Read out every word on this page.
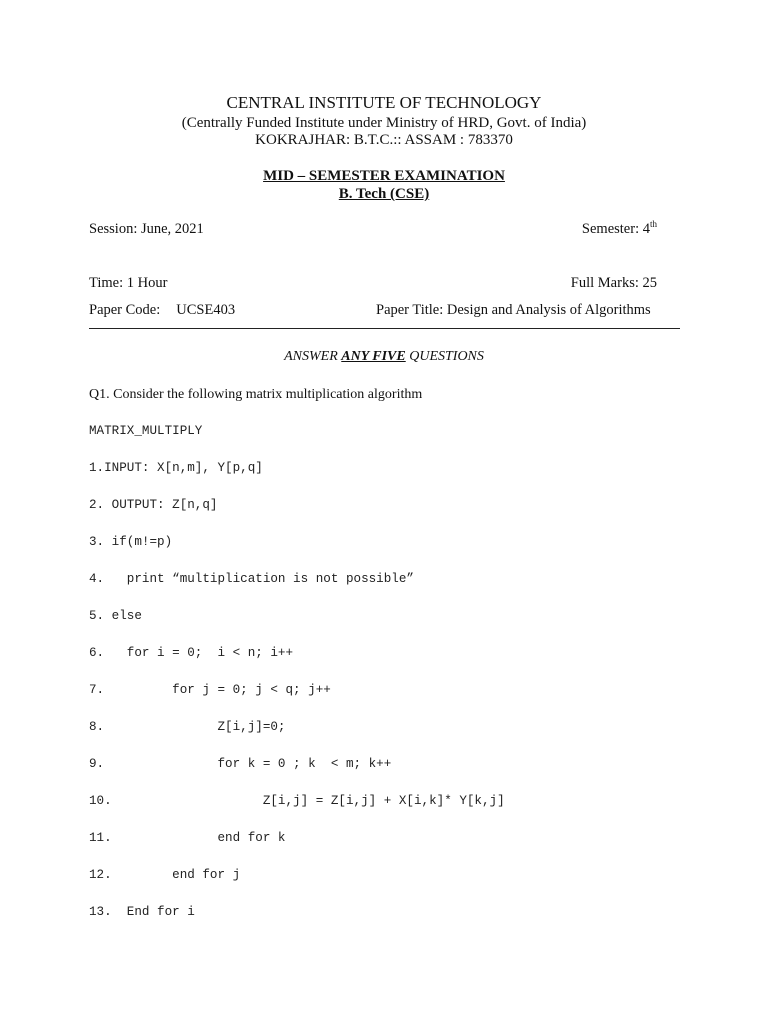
CENTRAL INSTITUTE OF TECHNOLOGY
(Centrally Funded Institute under Ministry of HRD, Govt. of India)
KOKRAJHAR: B.T.C.:: ASSAM : 783370
MID – SEMESTER EXAMINATION
B. Tech (CSE)
Session: June, 2021	Semester: 4th
Time: 1 Hour	Full Marks: 25
Paper Code: UCSE403	Paper Title: Design and Analysis of Algorithms
ANSWER ANY FIVE QUESTIONS
Q1. Consider the following matrix multiplication algorithm
MATRIX_MULTIPLY
1.INPUT: X[n,m], Y[p,q]
2. OUTPUT: Z[n,q]
3. if(m!=p)
4.   print “multiplication is not possible”
5. else
6.   for i = 0;  i < n; i++
7.         for j = 0; j < q; j++
8.               Z[i,j]=0;
9.               for k = 0 ; k  < m; k++
10.                    Z[i,j] = Z[i,j] + X[i,k]* Y[k,j]
11.              end for k
12.        end for j
13.  End for i
